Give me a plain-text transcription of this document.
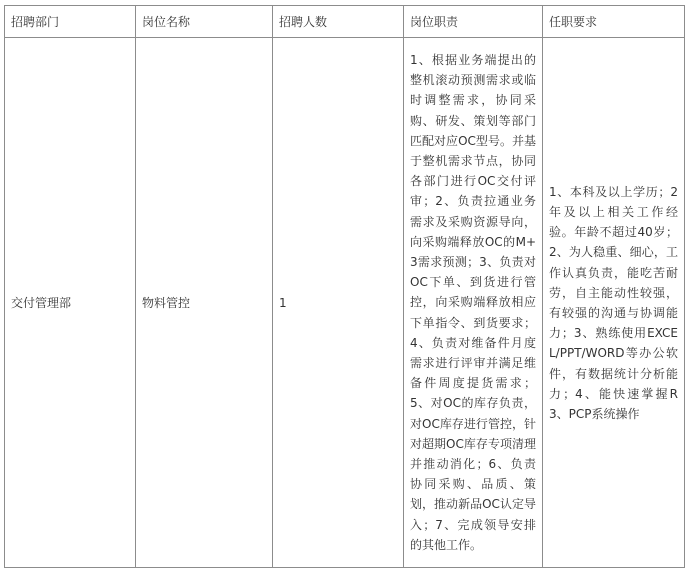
招聘部门	岗位名称	招聘人数	岗位职责	任职要求
交付管理部	物料管控	1	1、根据业务端提出的整机滚动预测需求或临时调整需求，协同采购、研发、策划等部门匹配对应OC型号。并基于整机需求节点，协同各部门进行OC交付评审；2、负责拉通业务需求及采购资源导向，向采购端释放OC的M+3需求预测；3、负责对OC下单、到货进行管控，向采购端释放相应下单指令、到货要求；4、负责对维备件月度需求进行评审并满足维备件周度提货需求；5、对OC的库存负责，对OC库存进行管控，针对超期OC库存专项清理并推动消化；6、负责协同采购、品质、策划，推动新品OC认定导入；7、完成领导安排的其他工作。	1、本科及以上学历；2年及以上相关工作经验。年龄不超过40岁；2、为人稳重、细心，工作认真负责，能吃苦耐劳，自主能动性较强，有较强的沟通与协调能力；3、熟练使用EXCEL/PPT/WORD等办公软件，有数据统计分析能力；4、能快速掌握R3、PCP系统操作
